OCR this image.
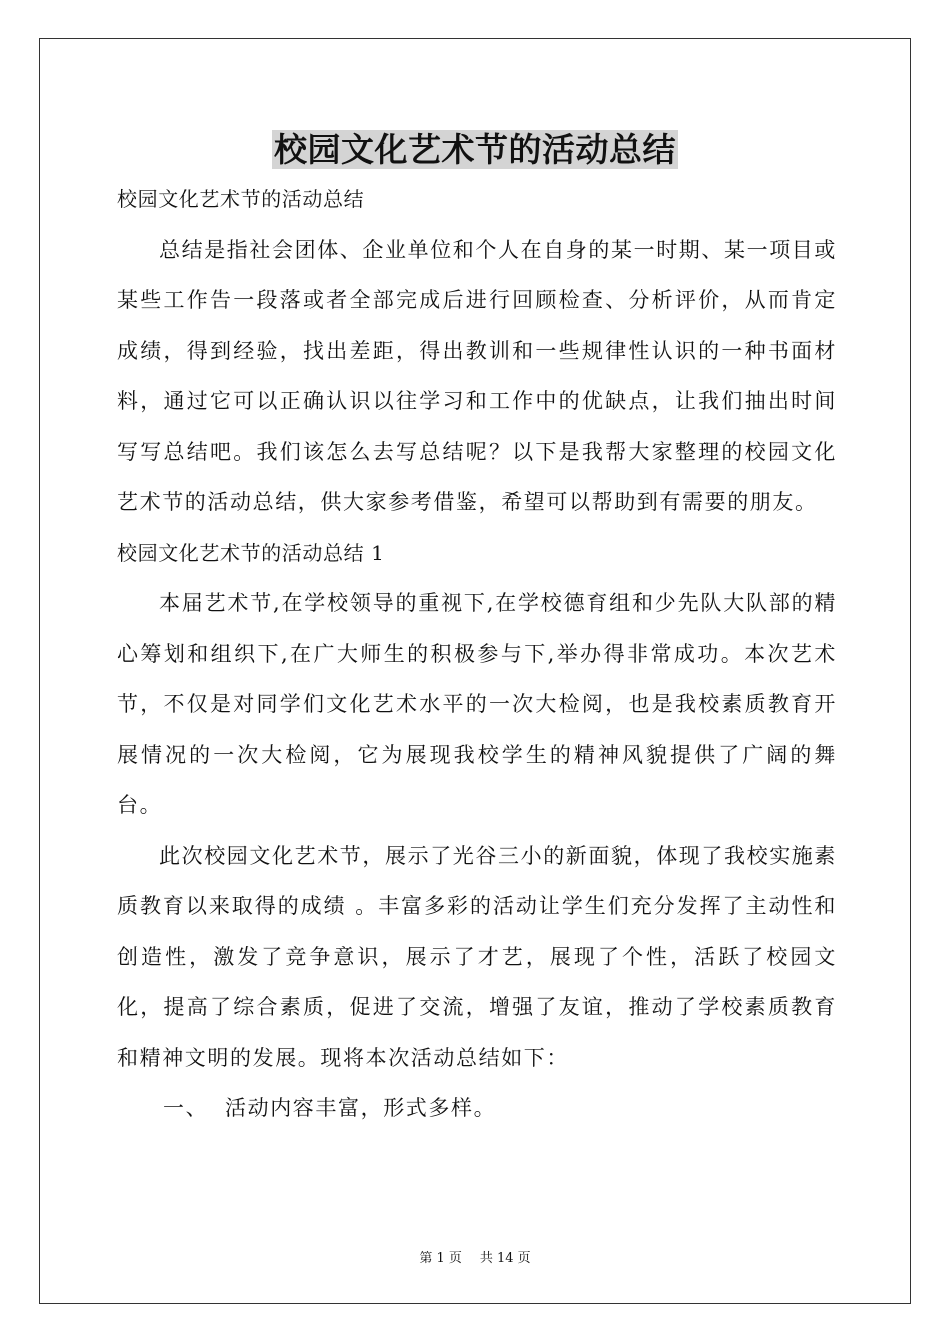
校园文化艺术节的活动总结

校园文化艺术节的活动总结

总结是指社会团体、企业单位和个人在自身的某一时期、某一项目或某些工作告一段落或者全部完成后进行回顾检查、分析评价，从而肯定成绩，得到经验，找出差距，得出教训和一些规律性认识的一种书面材料，通过它可以正确认识以往学习和工作中的优缺点，让我们抽出时间写写总结吧。我们该怎么去写总结呢？以下是我帮大家整理的校园文化艺术节的活动总结，供大家参考借鉴，希望可以帮助到有需要的朋友。

校园文化艺术节的活动总结 1

本届艺术节,在学校领导的重视下,在学校德育组和少先队大队部的精心筹划和组织下,在广大师生的积极参与下,举办得非常成功。本次艺术节，不仅是对同学们文化艺术水平的一次大检阅，也是我校素质教育开展情况的一次大检阅，它为展现我校学生的精神风貌提供了广阔的舞台。

此次校园文化艺术节，展示了光谷三小的新面貌，体现了我校实施素质教育以来取得的成绩 。丰富多彩的活动让学生们充分发挥了主动性和创造性，激发了竞争意识，展示了才艺，展现了个性，活跃了校园文化，提高了综合素质，促进了交流，增强了友谊，推动了学校素质教育和精神文明的发展。现将本次活动总结如下：

一、 活动内容丰富，形式多样。

第 1 页 共 14 页
